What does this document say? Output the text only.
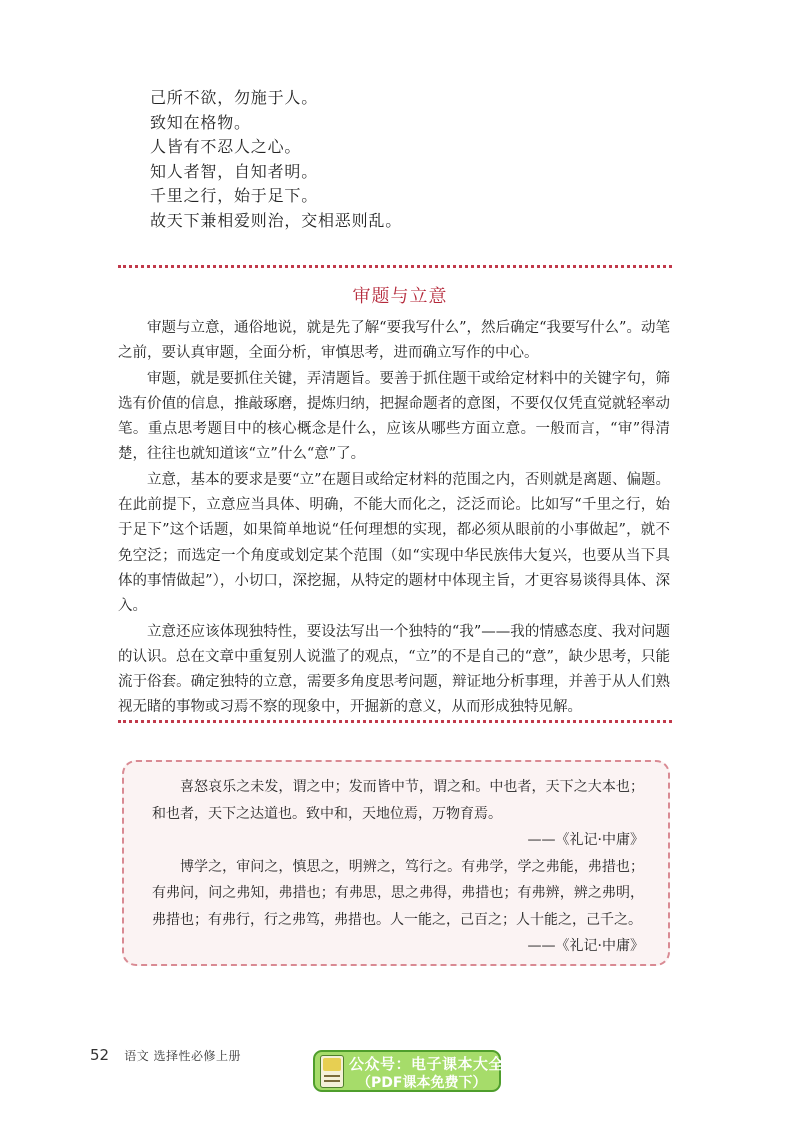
己所不欲，勿施于人。
致知在格物。
人皆有不忍人之心。
知人者智，自知者明。
千里之行，始于足下。
故天下兼相爱则治，交相恶则乱。
审题与立意

审题与立意，通俗地说，就是先了解“要我写什么”，然后确定“我要写什么”。动笔之前，要认真审题，全面分析，审慎思考，进而确立写作的中心。

审题，就是要抓住关键，弄清题旨。要善于抓住题干或给定材料中的关键字句，筛选有价值的信息，推敲琢磨，提炼归纳，把握命题者的意图，不要仅仅凭直觉就轻率动笔。重点思考题目中的核心概念是什么，应该从哪些方面立意。一般而言，“审”得清楚，往往也就知道该“立”什么“意”了。

立意，基本的要求是要“立”在题目或给定材料的范围之内，否则就是离题、偏题。在此前提下，立意应当具体、明确，不能大而化之，泛泛而论。比如写“千里之行，始于足下”这个话题，如果简单地说“任何理想的实现，都必须从眼前的小事做起”，就不免空泛；而选定一个角度或划定某个范围（如“实现中华民族伟大复兴，也要从当下具体的事情做起”），小切口，深挖掘，从特定的题材中体现主旨，才更容易谈得具体、深入。

立意还应该体现独特性，要设法写出一个独特的“我”——我的情感态度、我对问题的认识。总在文章中重复别人说滥了的观点，“立”的不是自己的“意”，缺少思考，只能流于俗套。确定独特的立意，需要多角度思考问题，辩证地分析事理，并善于从人们熟视无睹的事物或习焉不察的现象中，开掘新的意义，从而形成独特见解。

喜怒哀乐之未发，谓之中；发而皆中节，谓之和。中也者，天下之大本也；和也者，天下之达道也。致中和，天地位焉，万物育焉。

——《礼记·中庸》

博学之，审问之，慎思之，明辨之，笃行之。有弗学，学之弗能，弗措也；有弗问，问之弗知，弗措也；有弗思，思之弗得，弗措也；有弗辨，辨之弗明，弗措也；有弗行，行之弗笃，弗措也。人一能之，己百之；人十能之，己千之。

——《礼记·中庸》

52 语文 选择性必修上册	公众号：电子课本大全
（PDF课本免费下）
